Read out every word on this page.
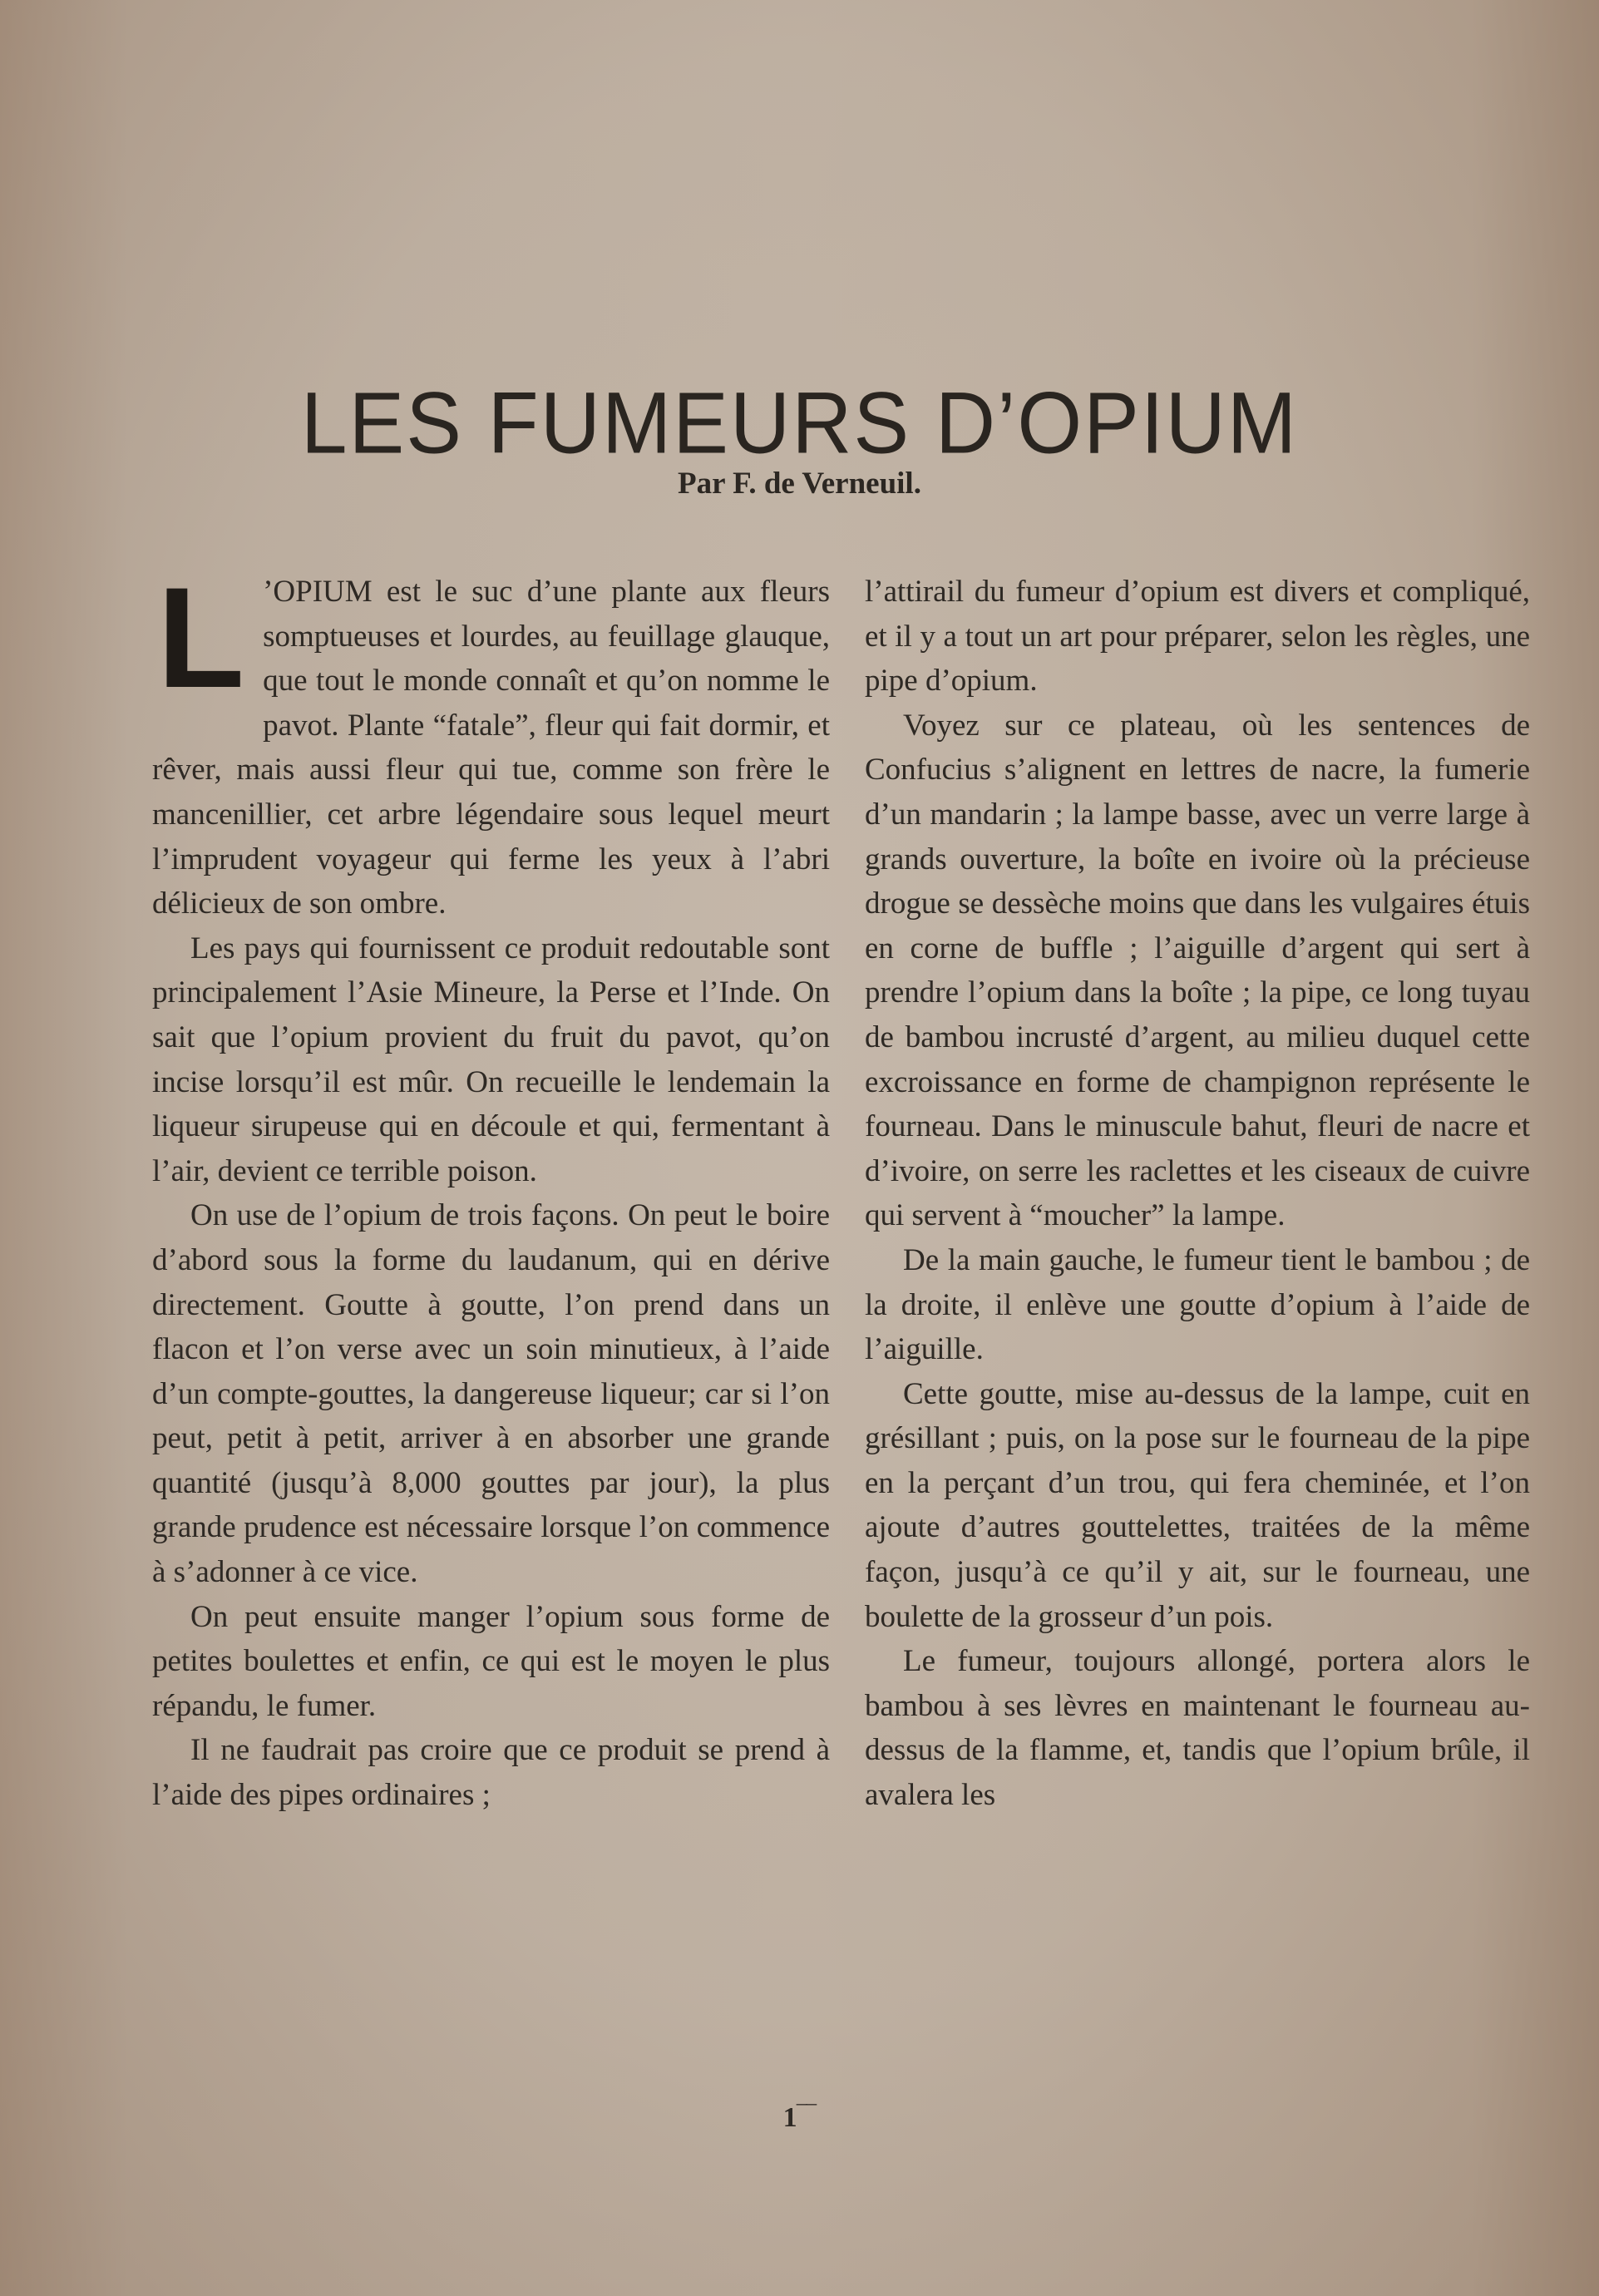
LES FUMEURS D’OPIUM
Par F. de Verneuil.

L ’OPIUM est le suc d’une plante aux fleurs somptueuses et lourdes, au feuillage glauque, que tout le monde connaît et qu’on nomme le pavot. Plante “fatale”, fleur qui fait dormir, et rêver, mais aussi fleur qui tue, comme son frère le mancenillier, cet arbre légendaire sous lequel meurt l’imprudent voyageur qui ferme les yeux à l’abri délicieux de son ombre.

Les pays qui fournissent ce produit redoutable sont principalement l’Asie Mineure, la Perse et l’Inde. On sait que l’opium provient du fruit du pavot, qu’on incise lorsqu’il est mûr. On recueille le lendemain la liqueur sirupeuse qui en découle et qui, fermentant à l’air, devient ce terrible poison.

On use de l’opium de trois façons. On peut le boire d’abord sous la forme du laudanum, qui en dérive directement. Goutte à goutte, l’on prend dans un flacon et l’on verse avec un soin minutieux, à l’aide d’un compte-gouttes, la dangereuse liqueur; car si l’on peut, petit à petit, arriver à en absorber une grande quantité (jusqu’à 8,000 gouttes par jour), la plus grande prudence est nécessaire lorsque l’on commence à s’adonner à ce vice.

On peut ensuite manger l’opium sous forme de petites boulettes et enfin, ce qui est le moyen le plus répandu, le fumer.

Il ne faudrait pas croire que ce produit se prend à l’aide des pipes ordinaires ;

l’attirail du fumeur d’opium est divers et compliqué, et il y a tout un art pour préparer, selon les règles, une pipe d’opium.

Voyez sur ce plateau, où les sentences de Confucius s’alignent en lettres de nacre, la fumerie d’un mandarin ; la lampe basse, avec un verre large à grands ouverture, la boîte en ivoire où la précieuse drogue se dessèche moins que dans les vulgaires étuis en corne de buffle ; l’aiguille d’argent qui sert à prendre l’opium dans la boîte ; la pipe, ce long tuyau de bambou incrusté d’argent, au milieu duquel cette excroissance en forme de champignon représente le fourneau. Dans le minuscule bahut, fleuri de nacre et d’ivoire, on serre les raclettes et les ciseaux de cuivre qui servent à “moucher” la lampe.

De la main gauche, le fumeur tient le bambou ; de la droite, il enlève une goutte d’opium à l’aide de l’aiguille.

Cette goutte, mise au-dessus de la lampe, cuit en grésillant ; puis, on la pose sur le fourneau de la pipe en la perçant d’un trou, qui fera cheminée, et l’on ajoute d’autres gouttelettes, traitées de la même façon, jusqu’à ce qu’il y ait, sur le fourneau, une boulette de la grosseur d’un pois.

Le fumeur, toujours allongé, portera alors le bambou à ses lèvres en maintenant le fourneau au-dessus de la flamme, et, tandis que l’opium brûle, il avalera les

1‾‾
